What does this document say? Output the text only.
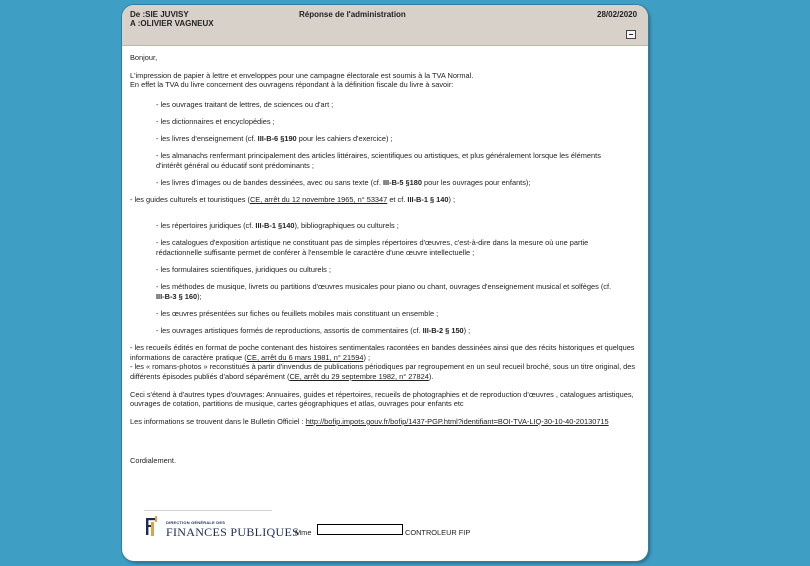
De :SIE JUVISY
A :OLIVIER VAGNEUX
Réponse de l'administration	28/02/2020
−

Bonjour,

L'impression de papier à lettre et enveloppes pour une campagne électorale est soumis à la TVA Normal.
En effet la TVA du livre concernent des ouvragens répondant à la définition fiscale du livre à savoir:

- les ouvrages traitant de lettres, de sciences ou d'art ;

- les dictionnaires et encyclopédies ;

- les livres d'enseignement (cf. III-B-6 §190 pour les cahiers d'exercice) ;

- les almanachs renfermant principalement des articles littéraires, scientifiques ou artistiques, et plus généralement lorsque les éléments d'intérêt général ou éducatif sont prédominants ;

- les livres d'images ou de bandes dessinées, avec ou sans texte (cf. III-B-5 §180 pour les ouvrages pour enfants);

- les guides culturels et touristiques (CE, arrêt du 12 novembre 1965, n° 53347 et cf. III-B-1 § 140) ;

- les répertoires juridiques (cf. III-B-1 §140), bibliographiques ou culturels ;

- les catalogues d'exposition artistique ne constituant pas de simples répertoires d'œuvres, c'est-à-dire dans la mesure où une partie rédactionnelle suffisante permet de conférer à l'ensemble le caractère d'une œuvre intellectuelle ;

- les formulaires scientifiques, juridiques ou culturels ;

- les méthodes de musique, livrets ou partitions d'œuvres musicales pour piano ou chant, ouvrages d'enseignement musical et solfèges (cf. III-B-3 § 160);

- les œuvres présentées sur fiches ou feuillets mobiles mais constituant un ensemble ;

- les ouvrages artistiques formés de reproductions, assortis de commentaires (cf. III-B-2 § 150) ;

- les recueils édités en format de poche contenant des histoires sentimentales racontées en bandes dessinées ainsi que des récits historiques et quelques informations de caractère pratique (CE, arrêt du 6 mars 1981, n° 21594) ;
- les « romans-photos » reconstitués à partir d'invendus de publications périodiques par regroupement en un seul recueil broché, sous un titre original, des différents épisodes publiés d'abord séparément (CE, arrêt du 29 septembre 1982, n° 27824).

Ceci s'étend à d'autres types d'ouvrages: Annuaires, guides et répertoires, recueils de photographies et de reproduction d'œuvres , catalogues artistiques, ouvrages de cotation, partitions de musique, cartes géographiques et atlas, ouvrages pour enfants etc

Les informations se trouvent dans le Bulletin Officiel : http://bofip.impots.gouv.fr/bofip/1437-PGP.html?identifiant=BOI-TVA-LIQ-30-10-40-20130715

Cordialement.

DIRECTION GÉNÉRALE DES
FINANCES PUBLIQUES
Mme	CONTROLEUR FIP
